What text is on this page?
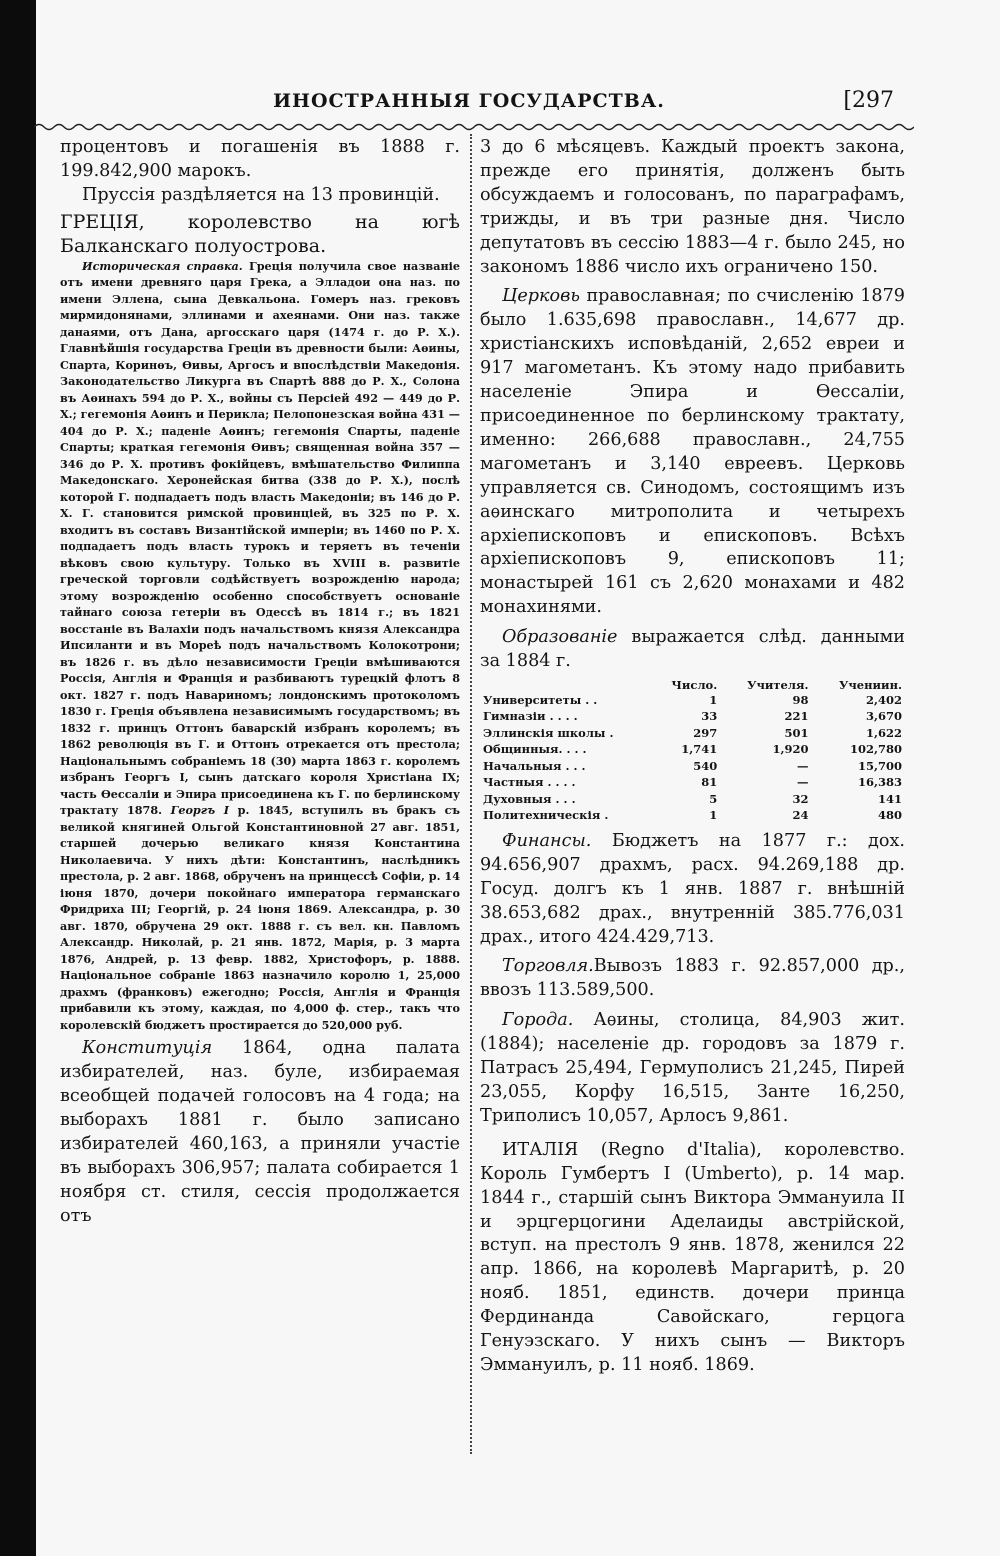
ИНОСТРАННЫЯ ГОСУДАРСТВА.	[297

процентовъ и погашенія въ 1888 г. 199.842,900 марокъ.

Пруссія раздѣляется на 13 провинцій.

ГРЕЦІЯ, королевство на югѣ Балканскаго полуострова.

Историческая справка. Греція получила свое названіе отъ имени древняго царя Грека, а Элладои она наз. по имени Эллена, сына Девкальона. Гомеръ наз. грековъ мирмидонянами, эллинами и ахеянами. Они наз. также данаями, отъ Дана, аргосскаго царя (1474 г. до Р. Х.). Главнѣйшія государства Греціи въ древности были: Аѳины, Спарта, Коринѳъ, Ѳивы, Аргосъ и впослѣдствіи Македонія. Законодательство Ликурга въ Спартѣ 888 до Р. Х., Солона въ Аѳинахъ 594 до Р. Х., войны съ Персіей 492 — 449 до Р. Х.; гегемонія Аѳинъ и Перикла; Пелопонезская война 431 — 404 до Р. Х.; паденіе Аѳинъ; гегемонія Спарты, паденіе Спарты; краткая гегемонія Ѳивъ; священная война 357 — 346 до Р. Х. противъ фокійцевъ, вмѣшательство Филиппа Македонскаго. Херонейская битва (338 до Р. Х.), послѣ которой Г. подпадаетъ подъ власть Македоніи; въ 146 до Р. Х. Г. становится римской провинціей, въ 325 по Р. Х. входитъ въ составъ Византійской имперіи; въ 1460 по Р. Х. подпадаетъ подъ власть турокъ и теряетъ въ теченіи вѣковъ свою культуру. Только въ XVIII в. развитіе греческой торговли содѣйствуетъ возрожденію народа; этому возрожденію особенно способствуетъ основаніе тайнаго союза гетеріи въ Одессѣ въ 1814 г.; въ 1821 восстаніе въ Валахіи подъ начальствомъ князя Александра Ипсиланти и въ Мореѣ подъ начальствомъ Колокотрони; въ 1826 г. въ дѣло независимости Греціи вмѣшиваются Россія, Англія и Франція и разбиваютъ турецкій флотъ 8 окт. 1827 г. подъ Навариномъ; лондонскимъ протоколомъ 1830 г. Греція объявлена независимымъ государствомъ; въ 1832 г. принцъ Оттонъ баварскій избранъ королемъ; въ 1862 революція въ Г. и Оттонъ отрекается отъ престола; Національнымъ собраніемъ 18 (30) марта 1863 г. королемъ избранъ Георгъ I, сынъ датскаго короля Христіана IX; часть Ѳессаліи и Эпира присоединена къ Г. по берлинскому трактату 1878. Георгъ I р. 1845, вступилъ въ бракъ съ великой княгиней Ольгой Константиновной 27 авг. 1851, старшей дочерью великаго князя Константина Николаевича. У нихъ дѣти: Константинъ, наслѣдникъ престола, р. 2 авг. 1868, обрученъ на принцессѣ Софіи, р. 14 іюня 1870, дочери покойнаго императора германскаго Фридриха III; Георгій, р. 24 іюня 1869. Александра, р. 30 авг. 1870, обручена 29 окт. 1888 г. съ вел. кн. Павломъ Александр. Николай, р. 21 янв. 1872, Марія, р. 3 марта 1876, Андрей, р. 13 февр. 1882, Христофоръ, р. 1888. Національное собраніе 1863 назначило королю 1, 25,000 драхмъ (франковъ) ежегодно; Россія, Англія и Франція прибавили къ этому, каждая, по 4,000 ф. стер., такъ что королевскій бюджетъ простирается до 520,000 руб.

Конституція 1864, одна палата избирателей, наз. буле, избираемая всеобщей подачей голосовъ на 4 года; на выборахъ 1881 г. было записано избирателей 460,163, а приняли участіе въ выборахъ 306,957; палата собирается 1 ноября ст. стиля, сессія продолжается отъ

3 до 6 мѣсяцевъ. Каждый проектъ закона, прежде его принятія, долженъ быть обсуждаемъ и голосованъ, по параграфамъ, трижды, и въ три разные дня. Число депутатовъ въ сессію 1883—4 г. было 245, но закономъ 1886 число ихъ ограничено 150.

Церковь православная; по счисленію 1879 было 1.635,698 православн., 14,677 др. христіанскихъ исповѣданій, 2,652 евреи и 917 магометанъ. Къ этому надо прибавить населеніе Эпира и Ѳессаліи, присоединенное по берлинскому трактату, именно: 266,688 православн., 24,755 магометанъ и 3,140 евреевъ. Церковь управляется св. Синодомъ, состоящимъ изъ аѳинскаго митрополита и четырехъ архіепископовъ и епископовъ. Всѣхъ архіепископовъ 9, епископовъ 11; монастырей 161 съ 2,620 монахами и 482 монахинями.

Образованіе выражается слѣд. данными за 1884 г.

	Число.	Учителя.	Учениин.
Университеты . .	1	98	2,402
Гимназіи . . . .	33	221	3,670
Эллинскія школы .	297	501	1,622
Общинныя. . . .	1,741	1,920	102,780
Начальныя . . .	540	—	15,700
Частныя . . . .	81	—	16,383
Духовныя . . .	5	32	141
Политехническія .	1	24	480

Финансы. Бюджетъ на 1877 г.: дох. 94.656,907 драхмъ, расх. 94.269,188 др. Госуд. долгъ къ 1 янв. 1887 г. внѣшній 38.653,682 драх., внутренній 385.776,031 драх., итого 424.429,713.

Торговля.Вывозъ 1883 г. 92.857,000 др., ввозъ 113.589,500.

Города. Аѳины, столица, 84,903 жит. (1884); населеніе др. городовъ за 1879 г. Патрасъ 25,494, Гермуполисъ 21,245, Пирей 23,055, Корфу 16,515, Занте 16,250, Триполисъ 10,057, Арлосъ 9,861.

ИТАЛІЯ (Regno d'Italia), королевство. Король Гумбертъ I (Umberto), р. 14 мар. 1844 г., старшій сынъ Виктора Эммануила II и эрцгерцогини Аделаиды австрійской, вступ. на престолъ 9 янв. 1878, женился 22 апр. 1866, на королевѣ Маргаритѣ, р. 20 нояб. 1851, единств. дочери принца Фердинанда Савойскаго, герцога Генуэзскаго. У нихъ сынъ — Викторъ Эммануилъ, р. 11 нояб. 1869.
